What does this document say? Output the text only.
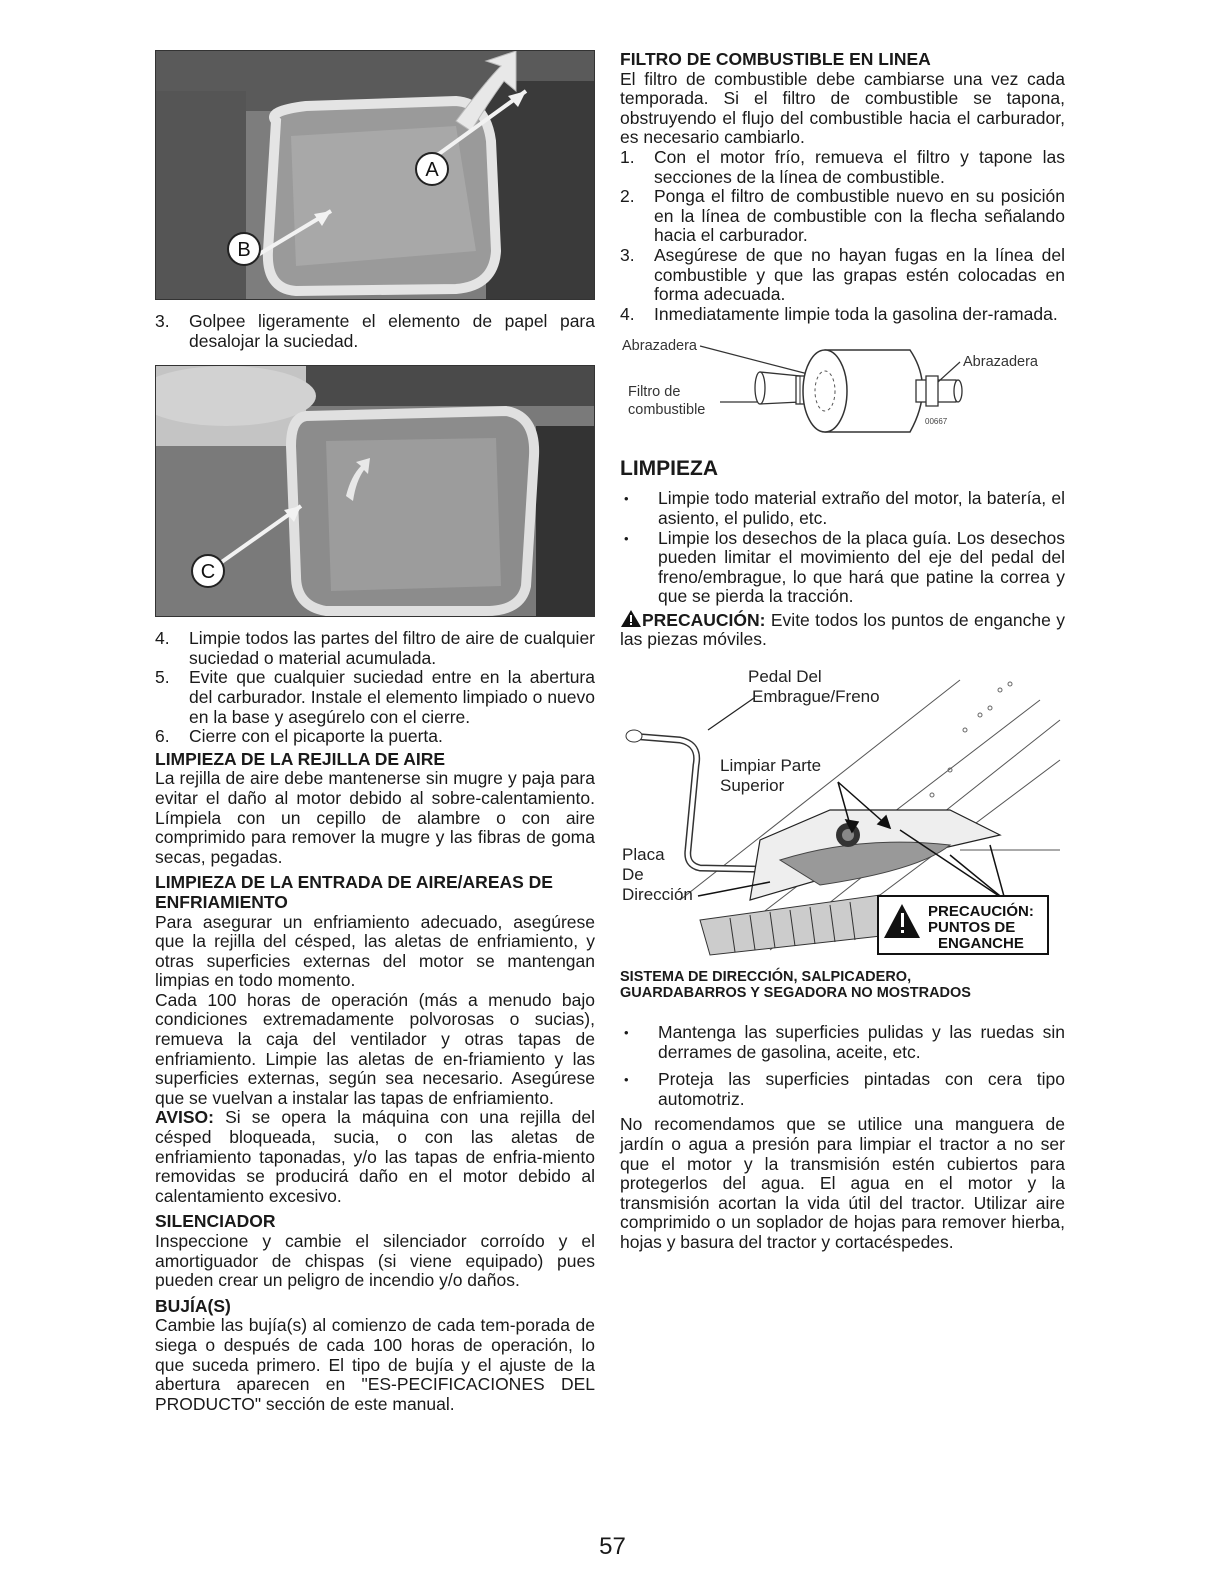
A
B
3. Golpee ligeramente el elemento de papel para desalojar la suciedad.
C
4. Limpie todos las partes del filtro de aire de cualquier suciedad o material acumulada.
5. Evite que cualquier suciedad entre en la abertura del carburador. Instale el elemento limpiado o nuevo en la base y asegúrelo con el cierre.
6. Cierre con el picaporte la puerta.

LIMPIEZA DE LA REJILLA DE AIRE

La rejilla de aire debe mantenerse sin mugre y paja para evitar el daño al motor debido al sobre-calentamiento. Límpiela con un cepillo de alambre o con aire comprimido para remover la mugre y las fibras de goma secas, pegadas.

LIMPIEZA DE LA ENTRADA DE AIRE/AREAS DE ENFRIAMIENTO

Para asegurar un enfriamiento adecuado, asegúrese que la rejilla del césped, las aletas de enfriamiento, y otras superficies externas del motor se mantengan limpias en todo momento.

Cada 100 horas de operación (más a menudo bajo condiciones extremadamente polvorosas o sucias), remueva la caja del ventilador y otras tapas de enfriamiento. Limpie las aletas de en-friamiento y las superficies externas, según sea necesario. Asegúrese que se vuelvan a instalar las tapas de enfriamiento.

AVISO: Si se opera la máquina con una rejilla del césped bloqueada, sucia, o con las aletas de enfriamiento taponadas, y/o las tapas de enfria-miento removidas se producirá daño en el motor debido al calentamiento excesivo.

SILENCIADOR

Inspeccione y cambie el silenciador corroído y el amortiguador de chispas (si viene equipado) pues pueden crear un peligro de incendio y/o daños.

BUJÍA(S)

Cambie las bujía(s) al comienzo de cada tem-porada de siega o después de cada 100 horas de operación, lo que suceda primero. El tipo de bujía y el ajuste de la abertura aparecen en "ES-PECIFICACIONES DEL PRODUCTO" sección de este manual.

FILTRO DE COMBUSTIBLE EN LINEA

El filtro de combustible debe cambiarse una vez cada temporada. Si el filtro de combustible se tapona, obstruyendo el flujo del combustible hacia el carburador, es necesario cambiarlo.

1. Con el motor frío, remueva el filtro y tapone las secciones de la línea de combustible.
2. Ponga el filtro de combustible nuevo en su posición en la línea de combustible con la flecha señalando hacia el carburador.
3. Asegúrese de que no hayan fugas en la línea del combustible y que las grapas estén colocadas en forma adecuada.
4. Inmediatamente limpie toda la gasolina der-ramada.
Abrazadera
Filtro de
combustible
Abrazadera
00667

LIMPIEZA

• Limpie todo material extraño del motor, la batería, el asiento, el pulido, etc.
• Limpie los desechos de la placa guía. Los desechos pueden limitar el movimiento del eje del pedal del freno/embrague, lo que hará que patine la correa y que se pierda la tracción.

PRECAUCIÓN: Evite todos los puntos de enganche y las piezas móviles.

Pedal Del
Embrague/Freno
Limpiar Parte
Superior
Placa
De
Dirección
PRECAUCIÓN:
PUNTOS DE
ENGANCHE

SISTEMA DE DIRECCIÓN, SALPICADERO,

GUARDABARROS Y SEGADORA NO MOSTRADOS

• Mantenga las superficies pulidas y las ruedas sin derrames de gasolina, aceite, etc.
• Proteja las superficies pintadas con cera tipo automotriz.

No recomendamos que se utilice una manguera de jardín o agua a presión para limpiar el tractor a no ser que el motor y la transmisión estén cubiertos para protegerlos del agua. El agua en el motor y la transmisión acortan la vida útil del tractor. Utilizar aire comprimido o un soplador de hojas para remover hierba, hojas y basura del tractor y cortacéspedes.

57
